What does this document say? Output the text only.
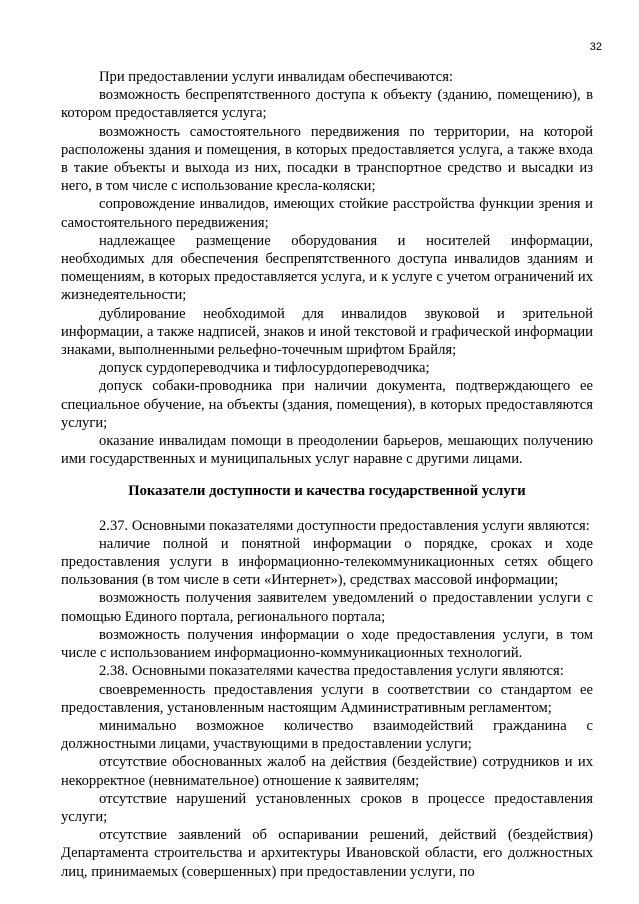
32

При предоставлении услуги инвалидам обеспечиваются:

возможность беспрепятственного доступа к объекту (зданию, помещению), в котором предоставляется услуга;

возможность самостоятельного передвижения по территории, на которой расположены здания и помещения, в которых предоставляется услуга, а также входа в такие объекты и выхода из них, посадки в транспортное средство и высадки из него, в том числе с использование кресла-коляски;

сопровождение инвалидов, имеющих стойкие расстройства функции зрения и самостоятельного передвижения;

надлежащее размещение оборудования и носителей информации, необходимых для обеспечения беспрепятственного доступа инвалидов зданиям и помещениям, в которых предоставляется услуга, и к услуге с учетом ограничений их жизнедеятельности;

дублирование необходимой для инвалидов звуковой и зрительной информации, а также надписей, знаков и иной текстовой и графической информации знаками, выполненными рельефно-точечным шрифтом Брайля;

допуск сурдопереводчика и тифлосурдопереводчика;

допуск собаки-проводника при наличии документа, подтверждающего ее специальное обучение, на объекты (здания, помещения), в которых предоставляются услуги;

оказание инвалидам помощи в преодолении барьеров, мешающих получению ими государственных и муниципальных услуг наравне с другими лицами.

Показатели доступности и качества государственной услуги

2.37. Основными показателями доступности предоставления услуги являются:

наличие полной и понятной информации о порядке, сроках и ходе предоставления услуги в информационно-телекоммуникационных сетях общего пользования (в том числе в сети «Интернет»), средствах массовой информации;

возможность получения заявителем уведомлений о предоставлении услуги с помощью Единого портала, регионального портала;

возможность получения информации о ходе предоставления услуги, в том числе с использованием информационно-коммуникационных технологий.

2.38. Основными показателями качества предоставления услуги являются:

своевременность предоставления услуги в соответствии со стандартом ее предоставления, установленным настоящим Административным регламентом;

минимально возможное количество взаимодействий гражданина с должностными лицами, участвующими в предоставлении услуги;

отсутствие обоснованных жалоб на действия (бездействие) сотрудников и их некорректное (невнимательное) отношение к заявителям;

отсутствие нарушений установленных сроков в процессе предоставления услуги;

отсутствие заявлений об оспаривании решений, действий (бездействия) Департамента строительства и архитектуры Ивановской области, его должностных лиц, принимаемых (совершенных) при предоставлении услуги, по
